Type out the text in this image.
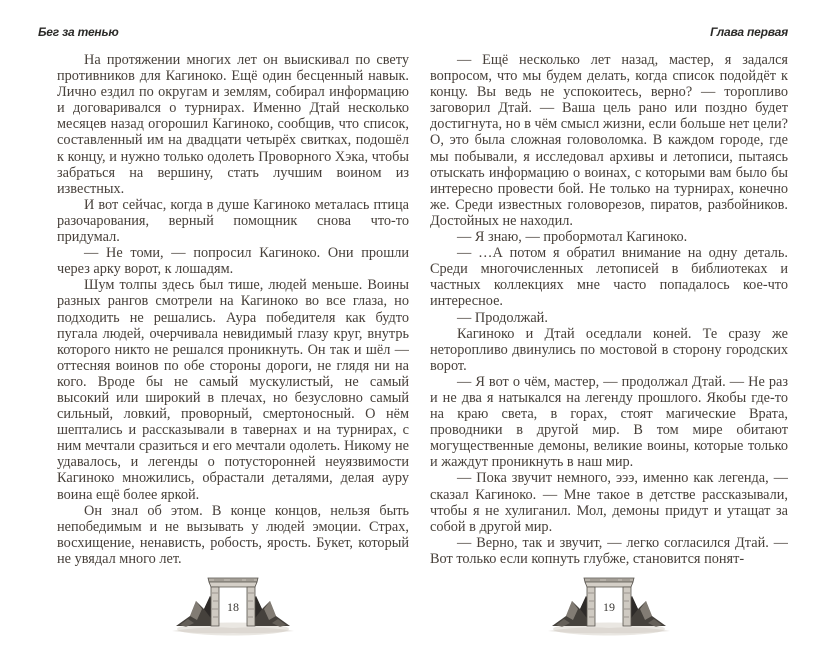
Бег за тенью

На протяжении многих лет он выискивал по свету противников для Кагиноко. Ещё один бесценный навык. Лично ездил по округам и землям, собирал информацию и договаривался о турнирах. Именно Дтай несколько месяцев назад огорошил Кагиноко, сообщив, что список, составленный им на двадцати четырёх свитках, подошёл к концу, и нужно только одолеть Проворного Хэка, чтобы забраться на вершину, стать лучшим воином из известных.

И вот сейчас, когда в душе Кагиноко металась птица разочарования, верный помощник снова что-то придумал.

— Не томи, — попросил Кагиноко. Они прошли через арку ворот, к лошадям.

Шум толпы здесь был тише, людей меньше. Воины разных рангов смотрели на Кагиноко во все глаза, но подходить не решались. Аура победителя как будто пугала людей, очерчивала невидимый глазу круг, внутрь которого никто не решался проникнуть. Он так и шёл — оттесняя воинов по обе стороны дороги, не глядя ни на кого. Вроде бы не самый мускулистый, не самый высокий или широкий в плечах, но безусловно самый сильный, ловкий, проворный, смертоносный. О нём шептались и рассказывали в тавернах и на турнирах, с ним мечтали сразиться и его мечтали одолеть. Никому не удавалось, и легенды о потусторонней неуязвимости Кагиноко множились, обрастали деталями, делая ауру воина ещё более яркой.

Он знал об этом. В конце концов, нельзя быть непобедимым и не вызывать у людей эмоции. Страх, восхищение, ненависть, робость, ярость. Букет, который не увядал много лет.

18
Глава первая

— Ещё несколько лет назад, мастер, я задался вопросом, что мы будем делать, когда список подойдёт к концу. Вы ведь не успокоитесь, верно? — торопливо заговорил Дтай. — Ваша цель рано или поздно будет достигнута, но в чём смысл жизни, если больше нет цели? О, это была сложная головоломка. В каждом городе, где мы побывали, я исследовал архивы и летописи, пытаясь отыскать информацию о воинах, с которыми вам было бы интересно провести бой. Не только на турнирах, конечно же. Среди известных головорезов, пиратов, разбойников. Достойных не находил.

— Я знаю, — пробормотал Кагиноко.

— …А потом я обратил внимание на одну деталь. Среди многочисленных летописей в библиотеках и частных коллекциях мне часто попадалось кое-что интересное.

— Продолжай.

Кагиноко и Дтай оседлали коней. Те сразу же неторопливо двинулись по мостовой в сторону городских ворот.

— Я вот о чём, мастер, — продолжал Дтай. — Не раз и не два я натыкался на легенду прошлого. Якобы где-то на краю света, в горах, стоят магические Врата, проводники в другой мир. В том мире обитают могущественные демоны, великие воины, которые только и жаждут проникнуть в наш мир.

— Пока звучит немного, эээ, именно как легенда, — сказал Кагиноко. — Мне такое в детстве рассказывали, чтобы я не хулиганил. Мол, демоны придут и утащат за собой в другой мир.

— Верно, так и звучит, — легко согласился Дтай. — Вот только если копнуть глубже, становится понят-

19
